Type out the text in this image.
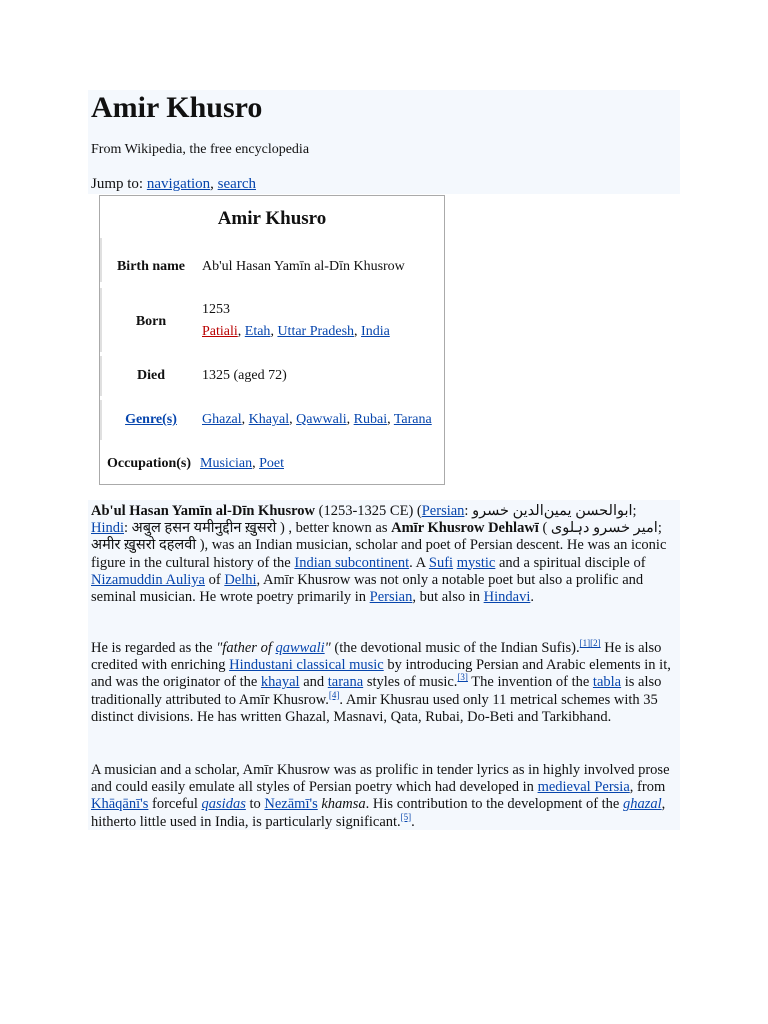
Amir Khusro
From Wikipedia, the free encyclopedia
Jump to: navigation, search
Amir Khusro
Birth name	Ab'ul Hasan Yamīn al-Dīn Khusrow
Born
1253
Patiali, Etah, Uttar Pradesh, India
Died	1325 (aged 72)
Genre(s)	Ghazal, Khayal, Qawwali, Rubai, Tarana
Occupation(s) Musician, Poet

Ab'ul Hasan Yamīn al-Dīn Khusrow (1253-1325 CE) (Persian: ابوالحسن یمین‌الدین خسرو;
Hindi: अबुल हसन यमीनुद्दीन ख़ुसरो ) , better known as Amīr Khusrow Dehlawī ( امیر خسرو دہلوی; अमीर ख़ुसरो दहलवी ), was an Indian musician, scholar and poet of Persian descent. He was an iconic figure in the cultural history of the Indian subcontinent. A Sufi mystic and a spiritual disciple of Nizamuddin Auliya of Delhi, Amīr Khusrow was not only a notable poet but also a prolific and seminal musician. He wrote poetry primarily in Persian, but also in Hindavi.

He is regarded as the "father of qawwali" (the devotional music of the Indian Sufis).[1][2] He is also credited with enriching Hindustani classical music by introducing Persian and Arabic elements in it, and was the originator of the khayal and tarana styles of music.[3] The invention of the tabla is also traditionally attributed to Amīr Khusrow.[4]. Amir Khusrau used only 11 metrical schemes with 35 distinct divisions. He has written Ghazal, Masnavi, Qata, Rubai, Do-Beti and Tarkibhand.

A musician and a scholar, Amīr Khusrow was as prolific in tender lyrics as in highly involved prose and could easily emulate all styles of Persian poetry which had developed in medieval Persia, from Khāqānī's forceful qasidas to Nezāmī's khamsa. His contribution to the development of the ghazal, hitherto little used in India, is particularly significant.[5].
